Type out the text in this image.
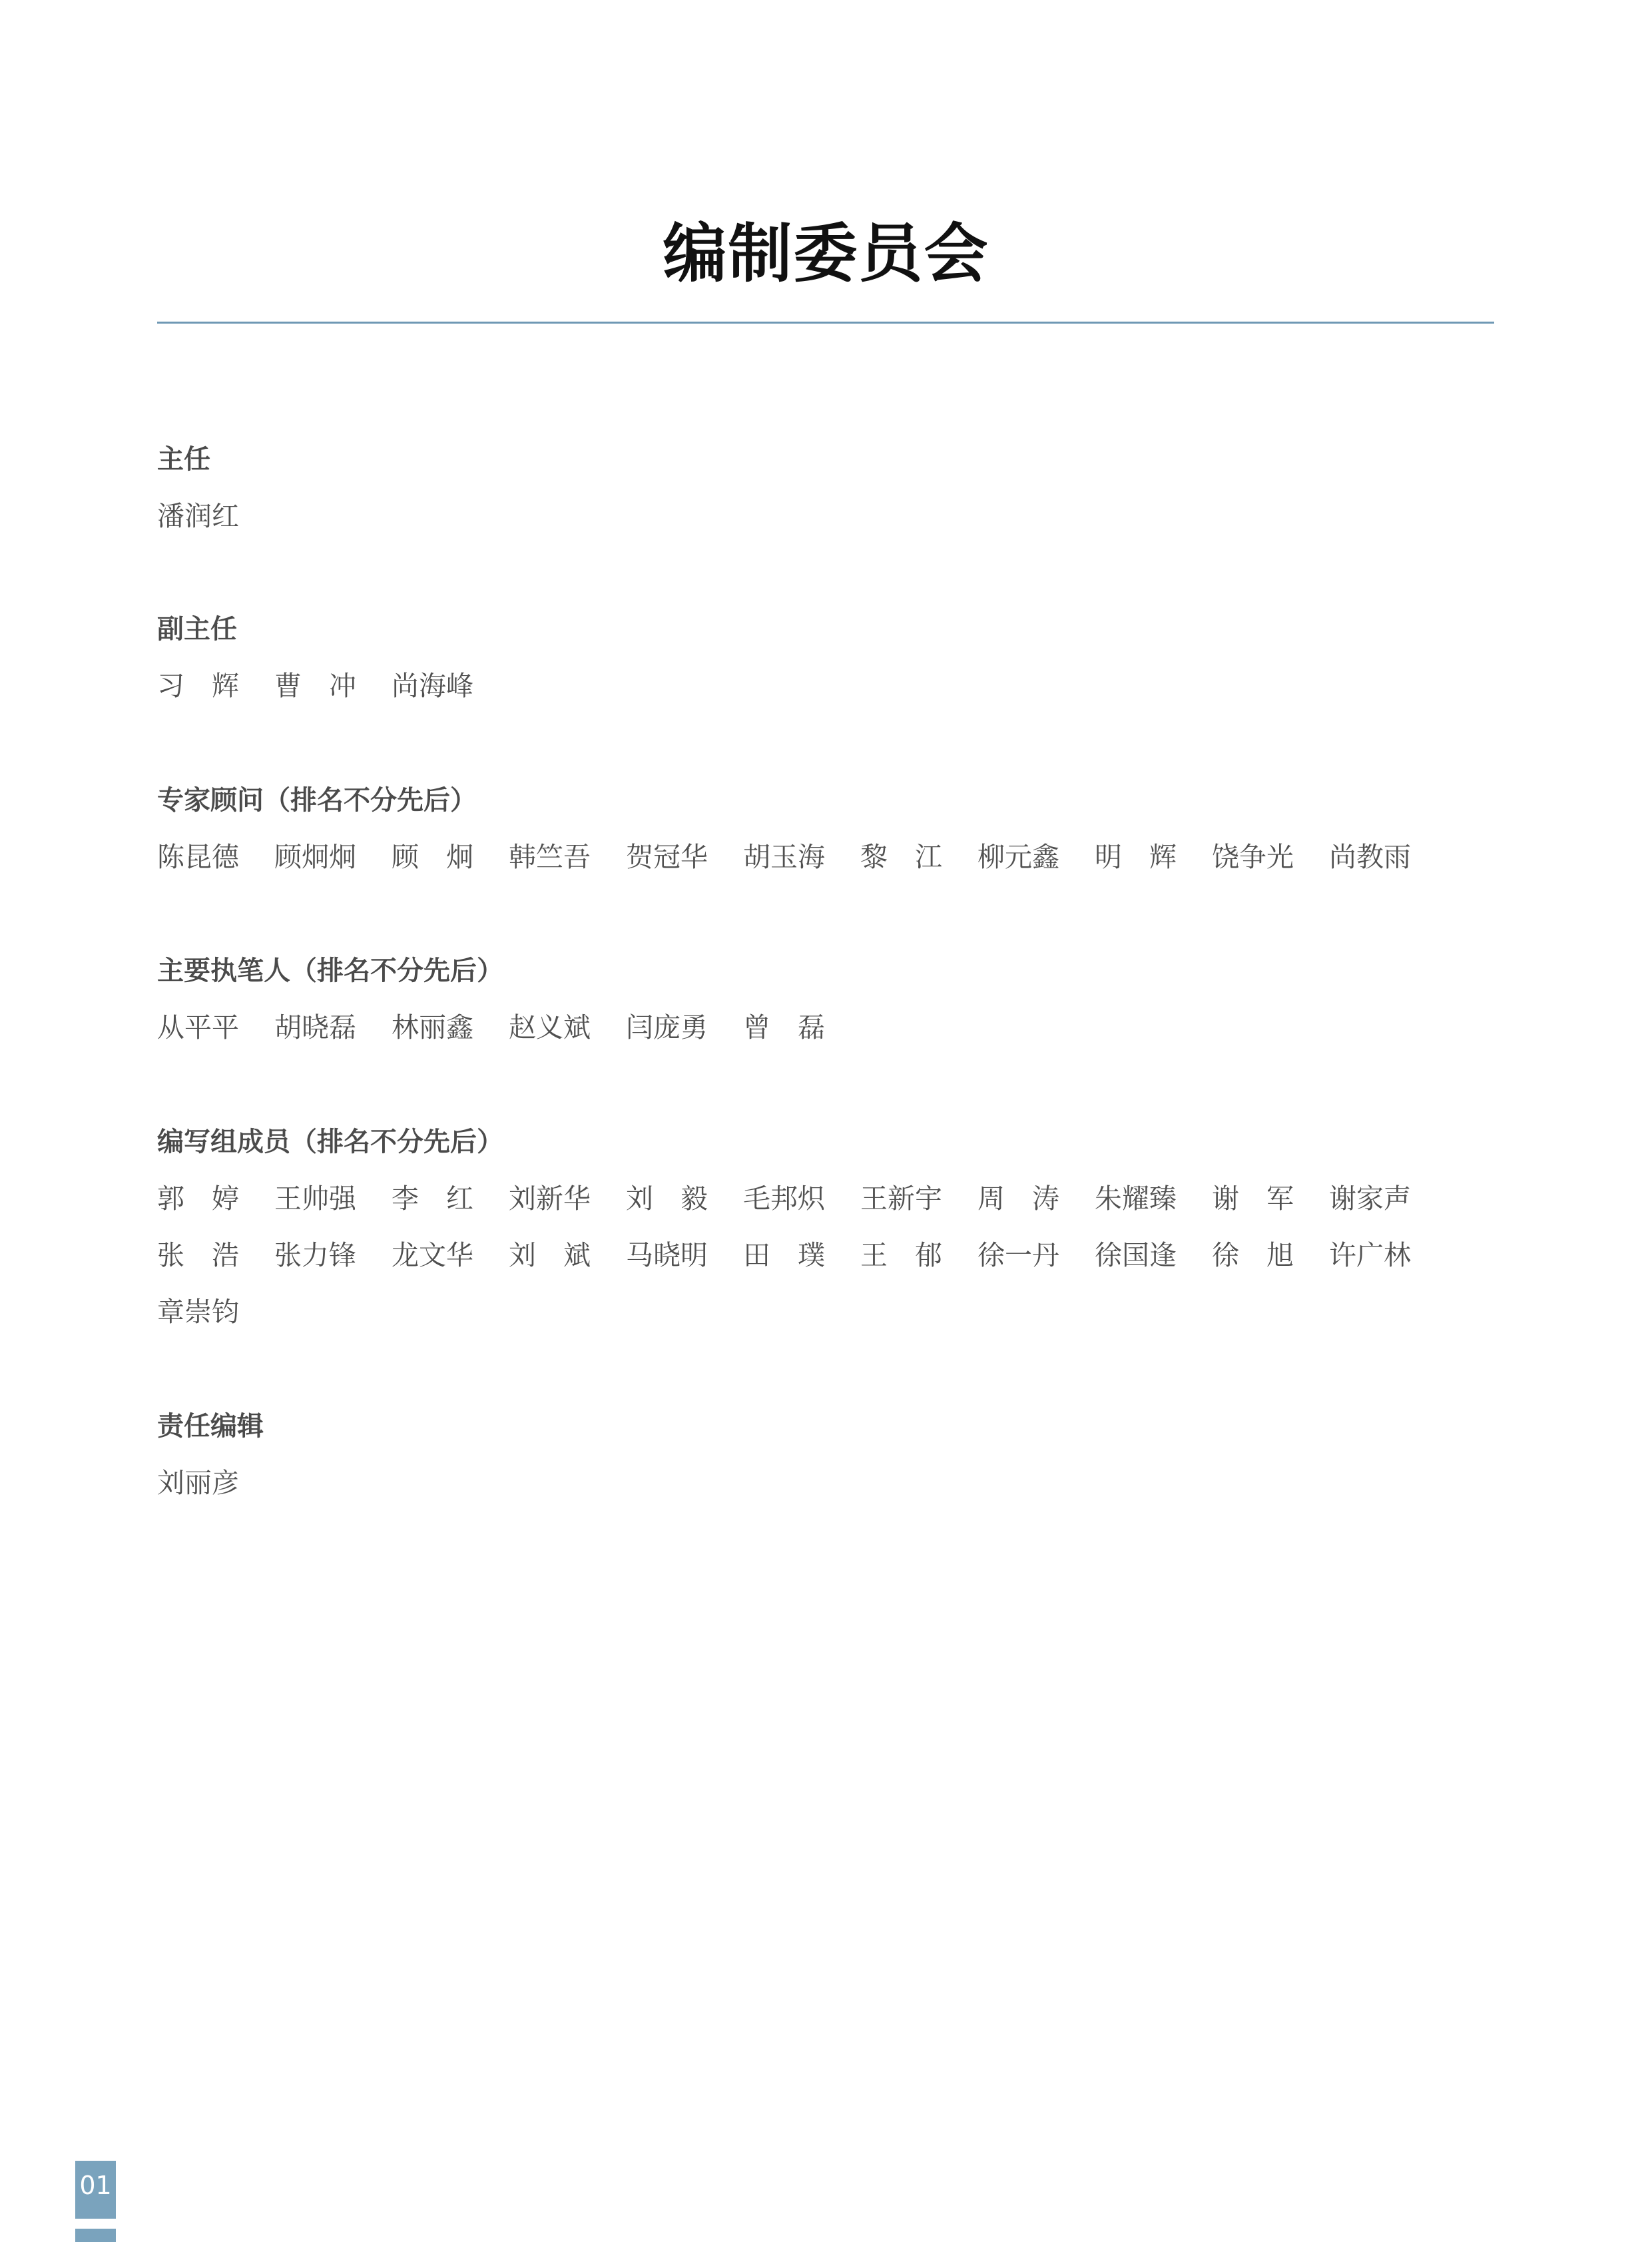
编制委员会
主任
潘润红
副主任
习　辉	曹　冲	尚海峰
专家顾问（排名不分先后）
陈昆德	顾炯炯	顾　炯	韩竺吾	贺冠华	胡玉海	黎　江	柳元鑫	明　辉	饶争光	尚教雨
主要执笔人（排名不分先后）
从平平	胡晓磊	林丽鑫	赵义斌	闫庞勇	曾　磊
编写组成员（排名不分先后）
郭　婷	王帅强	李　红	刘新华	刘　毅	毛邦炽	王新宇	周　涛	朱耀臻	谢　军	谢家声
张　浩	张力锋	龙文华	刘　斌	马晓明	田　璞	王　郁	徐一丹	徐国逢	徐　旭	许广林
章崇钧
责任编辑
刘丽彦
01
